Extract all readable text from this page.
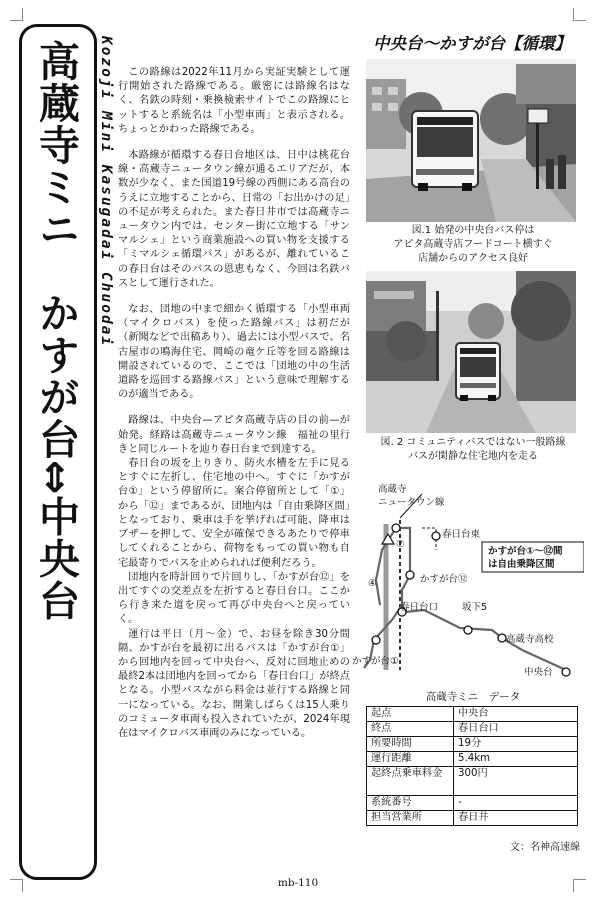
高蔵寺ミニ　かすが台⇔中央台 Kozoji Mini Kasugadai Chuodai	この路線は2022年11月から実証実験として運行開始された路線である。厳密には路線名はなく、名鉄の時刻・乗換検索サイトでこの路線にヒットすると系統名は「小型車両」と表示される。ちょっとかわった路線である。

本路線が循環する春日台地区は、日中は桃花台線・高蔵寺ニュータウン線が通るエリアだが、本数が少なく、また国道19号線の西側にある高台のうえに立地することから、日常の「お出かけの足」の不足が考えられた。また春日井市では高蔵寺ニュータウン内では、センター街に立地する「サンマルシェ」という商業施設への買い物を支援する「ミマルシェ循環バス」があるが、離れているこの春日台はそのバスの恩恵もなく、今回は名鉄バスとして運行された。

なお、団地の中まで細かく循環する「小型車両（マイクロバス）を使った路線バス」は初だが（新聞などで出稿あり）、過去には小型バスで、名古屋市の鳴海住宅、岡崎の竜ケ丘等を回る路線は開設されているので、ここでは「団地の中の生活道路を巡回する路線バス」という意味で理解するのが適当である。

路線は、中央台—アピタ高蔵寺店の目の前—が始発。経路は高蔵寺ニュータウン線　福祉の里行きと同じルートを辿り春日台まで到達する。

春日台の坂を上りきり、防火水槽を左手に見るとすぐに左折し、住宅地の中へ。すぐに「かすが台①」という停留所に。案合停留所として「①」から「⑫」まであるが、団地内は「自由乗降区間」となっており、乗車は手を挙げれば可能、降車はブザーを押して、安全が確保できるあたりで停車してくれることから、荷物をもっての買い物も自宅最寄りでバスを止められれば便利だろう。

団地内を時計回りで片回りし、「かすが台⑫」を出てすぐの交差点を左折すると春日台口。ここから行き来た道を戻って再び中央台へと戻っていく。

運行は平日（月～金）で、お昼を除き30分間隔、かすが台を最初に出るバスは「かすが台①」から回地内を回って中央台へ、反対に回地止めの最終2本は団地内を回ってから「春日台口」が終点となる。小型バスながら料金は並行する路線と同一になっている。なお、開業しばらくは15人乗りのコミュータ車両も投入されていたが、2024年現在はマイクロバス車両のみになっている。

中央台～かすが台【循環】
図.1 始発の中央台バス停は
アピタ高蔵寺店フードコート横すぐ
店舗からのアクセス良好
図. 2 コミュニティバスではない一般路線
バスが閑静な住宅地内を走る
高蔵寺
ニュータウン線
⑦
④
春日台東
かすが台⑫
春日台口	坂下5
高蔵寺高校
かすが台①
中央台
かすが台①～⑫間
は自由乗降区間
高蔵寺ミニ　データ
起点	中央台
終点	春日台口
所要時間	19分
運行距離	5.4km
起終点乗車料金	300円
系統番号	-
担当営業所	春日井
文：名神高速線
mb-110
